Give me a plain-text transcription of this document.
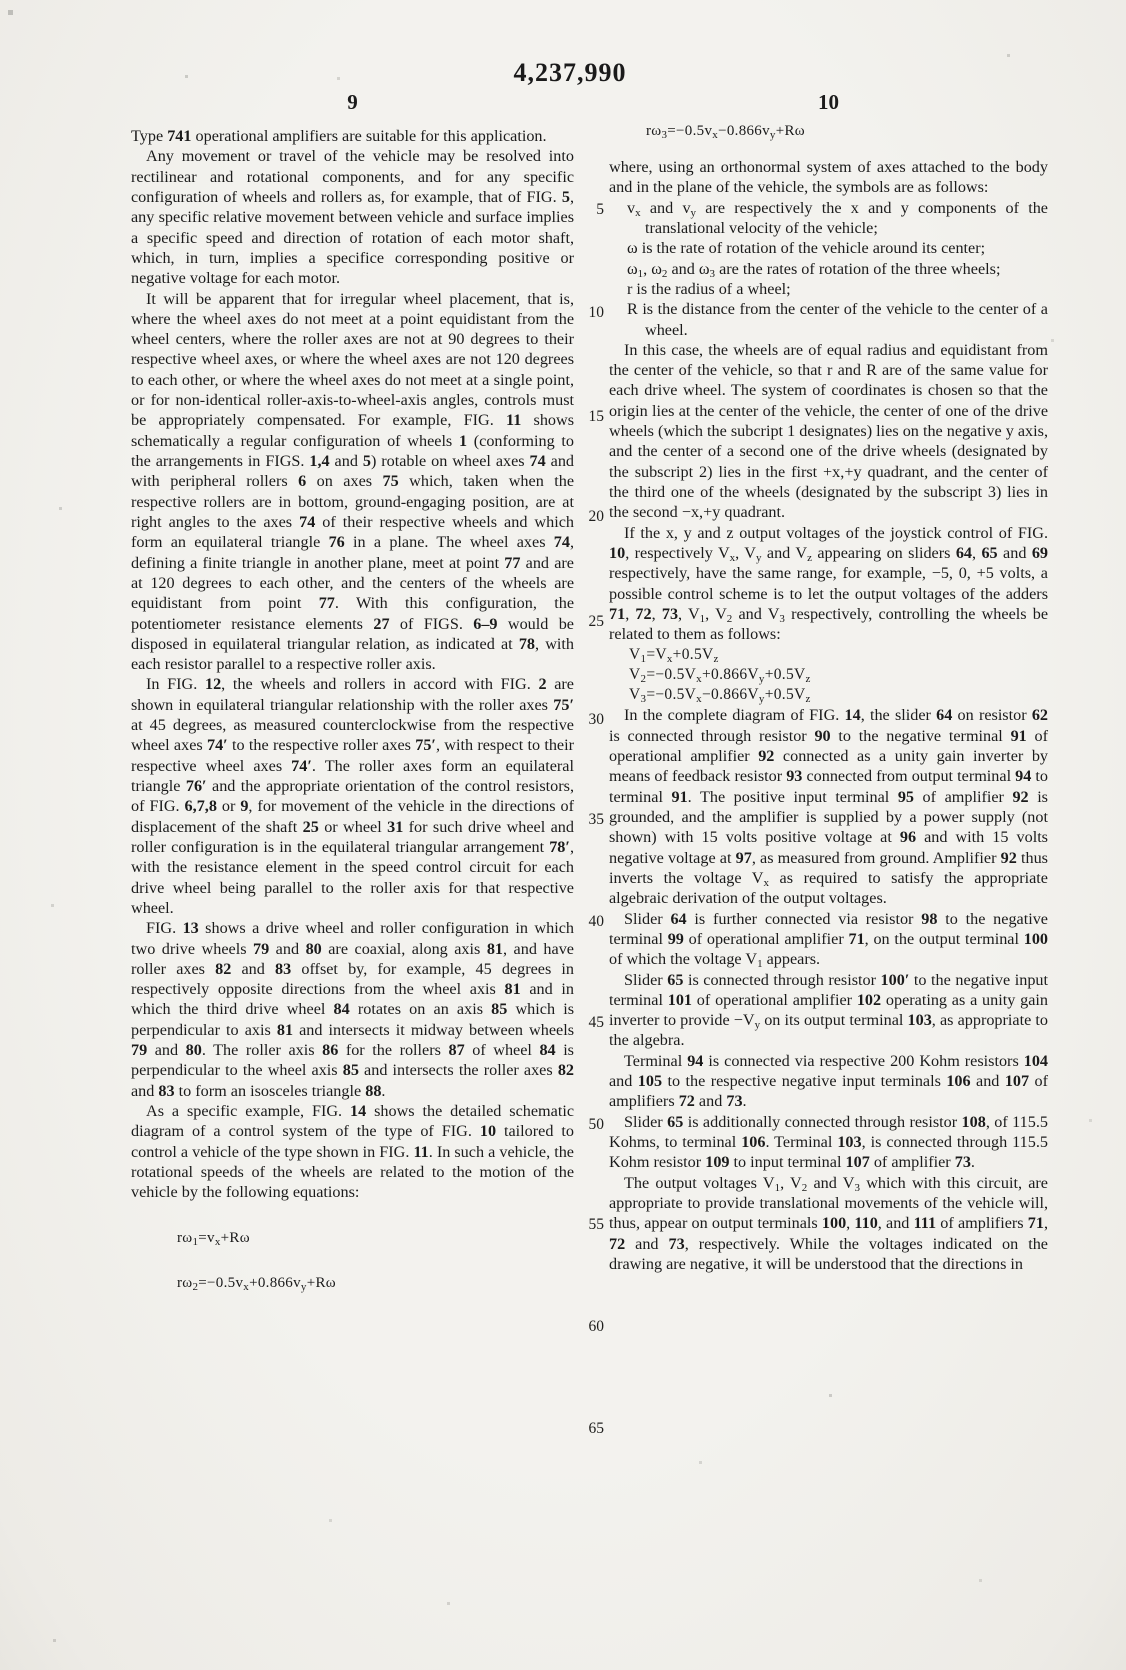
4,237,990
9	10
Type 741 operational amplifiers are suitable for this application.
Any movement or travel of the vehicle may be resolved into rectilinear and rotational components, and for any specific configuration of wheels and rollers as, for example, that of FIG. 5, any specific relative movement between vehicle and surface implies a specific speed and direction of rotation of each motor shaft, which, in turn, implies a specifice corresponding positive or negative voltage for each motor.
It will be apparent that for irregular wheel placement, that is, where the wheel axes do not meet at a point equidistant from the wheel centers, where the roller axes are not at 90 degrees to their respective wheel axes, or where the wheel axes are not 120 degrees to each other, or where the wheel axes do not meet at a single point, or for non-identical roller-axis-to-wheel-axis angles, controls must be appropriately compensated. For example, FIG. 11 shows schematically a regular configuration of wheels 1 (conforming to the arrangements in FIGS. 1,4 and 5) rotable on wheel axes 74 and with peripheral rollers 6 on axes 75 which, taken when the respective rollers are in bottom, ground-engaging position, are at right angles to the axes 74 of their respective wheels and which form an equilateral triangle 76 in a plane. The wheel axes 74, defining a finite triangle in another plane, meet at point 77 and are at 120 degrees to each other, and the centers of the wheels are equidistant from point 77. With this configuration, the potentiometer resistance elements 27 of FIGS. 6–9 would be disposed in equilateral triangular relation, as indicated at 78, with each resistor parallel to a respective roller axis.
In FIG. 12, the wheels and rollers in accord with FIG. 2 are shown in equilateral triangular relationship with the roller axes 75′ at 45 degrees, as measured counterclockwise from the respective wheel axes 74′ to the respective roller axes 75′, with respect to their respective wheel axes 74′. The roller axes form an equilateral triangle 76′ and the appropriate orientation of the control resistors, of FIG. 6,7,8 or 9, for movement of the vehicle in the directions of displacement of the shaft 25 or wheel 31 for such drive wheel and roller configuration is in the equilateral triangular arrangement 78′, with the resistance element in the speed control circuit for each drive wheel being parallel to the roller axis for that respective wheel.
FIG. 13 shows a drive wheel and roller configuration in which two drive wheels 79 and 80 are coaxial, along axis 81, and have roller axes 82 and 83 offset by, for example, 45 degrees in respectively opposite directions from the wheel axis 81 and in which the third drive wheel 84 rotates on an axis 85 which is perpendicular to axis 81 and intersects it midway between wheels 79 and 80. The roller axis 86 for the rollers 87 of wheel 84 is perpendicular to the wheel axis 85 and intersects the roller axes 82 and 83 to form an isosceles triangle 88.
As a specific example, FIG. 14 shows the detailed schematic diagram of a control system of the type of FIG. 10 tailored to control a vehicle of the type shown in FIG. 11. In such a vehicle, the rotational speeds of the wheels are related to the motion of the vehicle by the following equations:
$r\omega_1=v_x+R\omega$
$r\omega_2=-0.5v_x+0.866v_y+R\omega$
$r\omega_3=-0.5v_x-0.866v_y+R\omega$
where, using an orthonormal system of axes attached to the body and in the plane of the vehicle, the symbols are as follows:
$v_x$ and $v_y$ are respectively the x and y components of the translational velocity of the vehicle;
ω is the rate of rotation of the vehicle around its center;
$\omega_1$, $\omega_2$ and $\omega_3$ are the rates of rotation of the three wheels;
r is the radius of a wheel;
R is the distance from the center of the vehicle to the center of a wheel.
In this case, the wheels are of equal radius and equidistant from the center of the vehicle, so that r and R are of the same value for each drive wheel. The system of coordinates is chosen so that the origin lies at the center of the vehicle, the center of one of the drive wheels (which the subcript 1 designates) lies on the negative y axis, and the center of a second one of the drive wheels (designated by the subscript 2) lies in the first +x,+y quadrant, and the center of the third one of the wheels (designated by the subscript 3) lies in the second −x,+y quadrant.
If the x, y and z output voltages of the joystick control of FIG. 10, respectively $V_x$, $V_y$ and $V_z$ appearing on sliders 64, 65 and 69 respectively, have the same range, for example, −5, 0, +5 volts, a possible control scheme is to let the output voltages of the adders 71, 72, 73, $V_1$, $V_2$ and $V_3$ respectively, controlling the wheels be related to them as follows:
$V_1=V_x+0.5V_z$
$V_2=-0.5V_x+0.866V_y+0.5V_z$
$V_3=-0.5V_x-0.866V_y+0.5V_z$
In the complete diagram of FIG. 14, the slider 64 on resistor 62 is connected through resistor 90 to the negative terminal 91 of operational amplifier 92 connected as a unity gain inverter by means of feedback resistor 93 connected from output terminal 94 to terminal 91. The positive input terminal 95 of amplifier 92 is grounded, and the amplifier is supplied by a power supply (not shown) with 15 volts positive voltage at 96 and with 15 volts negative voltage at 97, as measured from ground. Amplifier 92 thus inverts the voltage $V_x$ as required to satisfy the appropriate algebraic derivation of the output voltages.
Slider 64 is further connected via resistor 98 to the negative terminal 99 of operational amplifier 71, on the output terminal 100 of which the voltage $V_1$ appears.
Slider 65 is connected through resistor 100′ to the negative input terminal 101 of operational amplifier 102 operating as a unity gain inverter to provide $-V_y$ on its output terminal 103, as appropriate to the algebra.
Terminal 94 is connected via respective 200 Kohm resistors 104 and 105 to the respective negative input terminals 106 and 107 of amplifiers 72 and 73.
Slider 65 is additionally connected through resistor 108, of 115.5 Kohms, to terminal 106. Terminal 103, is connected through 115.5 Kohm resistor 109 to input terminal 107 of amplifier 73.
The output voltages $V_1$, $V_2$ and $V_3$ which with this circuit, are appropriate to provide translational movements of the vehicle will, thus, appear on output terminals 100, 110, and 111 of amplifiers 71, 72 and 73, respectively. While the voltages indicated on the drawing are negative, it will be understood that the directions in
5
10
15
20
25
30
35
40
45
50
55
60
65
